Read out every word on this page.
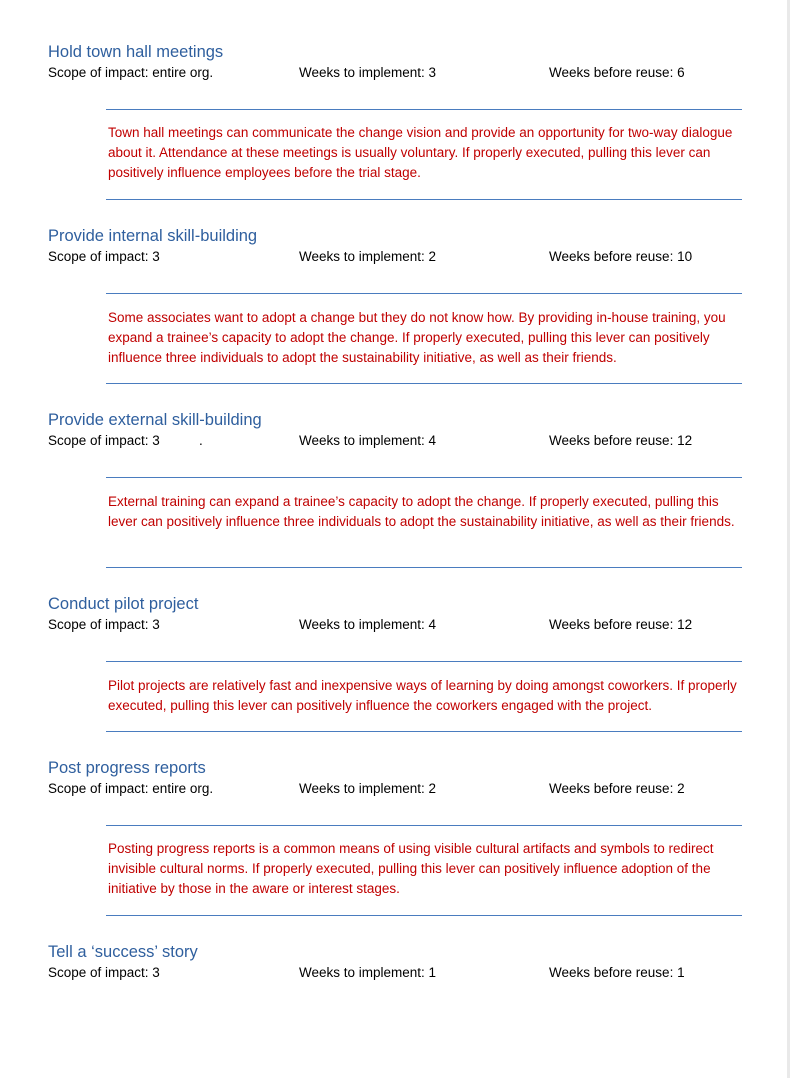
Hold town hall meetings
Scope of impact: entire org.	Weeks to implement: 3	Weeks before reuse: 6

Town hall meetings can communicate the change vision and provide an opportunity for two-way dialogue about it. Attendance at these meetings is usually voluntary. If properly executed, pulling this lever can positively influence employees before the trial stage.

Provide internal skill-building
Scope of impact: 3	Weeks to implement: 2	Weeks before reuse: 10

Some associates want to adopt a change but they do not know how. By providing in-house training, you expand a trainee’s capacity to adopt the change. If properly executed, pulling this lever can positively influence three individuals to adopt the sustainability initiative, as well as their friends.

Provide external skill-building
Scope of impact: 3	.	Weeks to implement: 4	Weeks before reuse: 12

External training can expand a trainee’s capacity to adopt the change. If properly executed, pulling this lever can positively influence three individuals to adopt the sustainability initiative, as well as their friends.

Conduct pilot project
Scope of impact: 3	Weeks to implement: 4	Weeks before reuse: 12

Pilot projects are relatively fast and inexpensive ways of learning by doing amongst coworkers. If properly executed, pulling this lever can positively influence the coworkers engaged with the project.

Post progress reports
Scope of impact: entire org.	Weeks to implement: 2	Weeks before reuse: 2

Posting progress reports is a common means of using visible cultural artifacts and symbols to redirect invisible cultural norms. If properly executed, pulling this lever can positively influence adoption of the initiative by those in the aware or interest stages.

Tell a ‘success’ story
Scope of impact: 3	Weeks to implement: 1	Weeks before reuse: 1
